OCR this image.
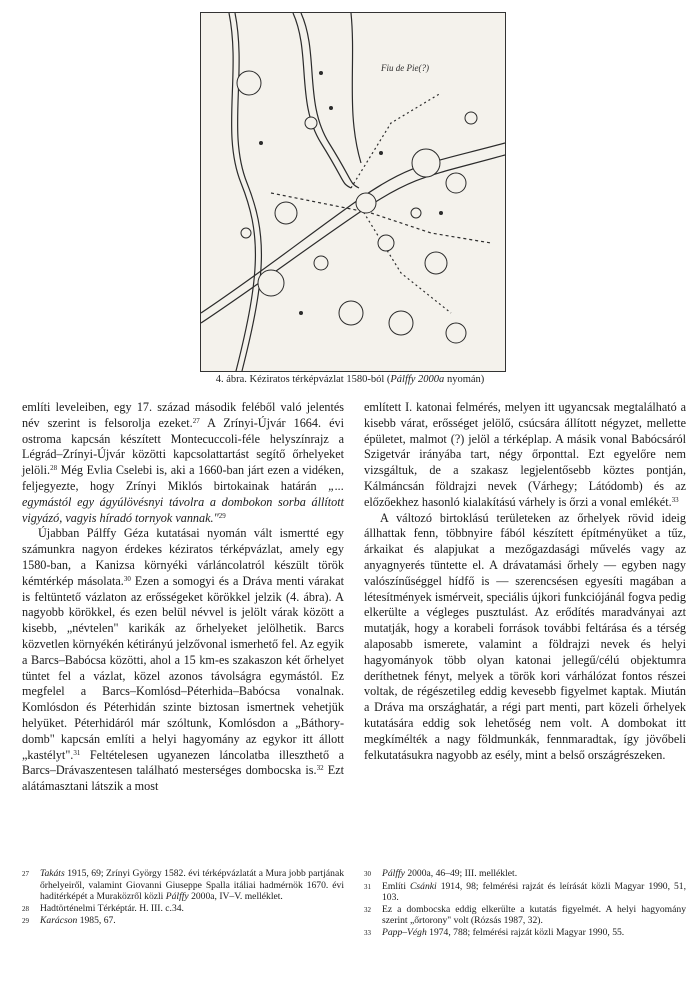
Fiu de Pie(?)
4. ábra. Kéziratos térképvázlat 1580-ból (Pálffy 2000a nyomán)

említi leveleiben, egy 17. század második feléből való jelentés név szerint is felsorolja ezeket.$^{27}$ A Zrínyi-Újvár 1664. évi ostroma kapcsán készített Montecuccoli-féle helyszínrajz a Légrád–Zrínyi-Újvár közötti kapcsolattartást segítő őrhelyeket jelöli.$^{28}$ Még Evlia Cselebi is, aki a 1660-ban járt ezen a vidéken, feljegyezte, hogy Zrínyi Miklós birtokainak határán „... egymástól egy ágyúlövésnyi távolra a dombokon sorba állított vigyázó, vagyis híradó tornyok vannak."$^{29}$

Újabban Pálffy Géza kutatásai nyomán vált ismertté egy számunkra nagyon érdekes kéziratos térképvázlat, amely egy 1580-ban, a Kanizsa környéki várláncolatról készült török kémtérkép másolata.$^{30}$ Ezen a somogyi és a Dráva menti várakat is feltüntető vázlaton az erősségeket körökkel jelzik (4. ábra). A nagyobb körökkel, és ezen belül névvel is jelölt várak között a kisebb, „névtelen" karikák az őrhelyeket jelölhetik. Barcs közvetlen környékén kétirányú jelzővonal ismerhető fel. Az egyik a Barcs–Babócsa közötti, ahol a 15 km-es szakaszon két őrhelyet tüntet fel a vázlat, közel azonos távolságra egymástól. Ez megfelel a Barcs–Komlósd–Péterhida–Babócsa vonalnak. Komlósdon és Péterhidán szinte biztosan ismertnek vehetjük helyüket. Péterhidáról már szóltunk, Komlósdon a „Báthory-domb" kapcsán említi a helyi hagyomány az egykor itt állott „kastélyt".$^{31}$ Feltételesen ugyanezen láncolatba illeszthető a Barcs–Drávaszentesen található mesterséges dombocska is.$^{32}$ Ezt alátámasztani látszik a most

említett I. katonai felmérés, melyen itt ugyancsak megtalálható a kisebb várat, erősséget jelölő, csúcsára állított négyzet, mellette épületet, malmot (?) jelöl a térképlap. A másik vonal Babócsáról Szigetvár irányába tart, négy őrponttal. Ezt egyelőre nem vizsgáltuk, de a szakasz legjelentősebb köztes pontján, Kálmáncsán földrajzi nevek (Várhegy; Látódomb) és az előzőekhez hasonló kialakítású várhely is őrzi a vonal emlékét.$^{33}$

A változó birtoklású területeken az őrhelyek rövid ideig állhattak fenn, többnyire fából készített építményüket a tűz, árkaikat és alapjukat a mezőgazdasági művelés vagy az anyagnyerés tüntette el. A drávatamási őrhely — egyben nagy valószínűséggel hídfő is — szerencsésen egyesíti magában a létesítmények ismérveit, speciális újkori funkciójánál fogva pedig elkerülte a végleges pusztulást. Az erődítés maradványai azt mutatják, hogy a korabeli források további feltárása és a térség alaposabb ismerete, valamint a földrajzi nevek és helyi hagyományok több olyan katonai jellegű/célú objektumra deríthetnek fényt, melyek a török kori várhálózat fontos részei voltak, de régészetileg eddig kevesebb figyelmet kaptak. Miután a Dráva ma országhatár, a régi part menti, part közeli őrhelyek kutatására eddig sok lehetőség nem volt. A dombokat itt megkímélték a nagy földmunkák, fennmaradtak, így jövőbeli felkutatásukra nagyobb az esély, mint a belső országrészeken.

27	Takáts 1915, 69; Zrínyi György 1582. évi térképvázlatát a Mura jobb partjának őrhelyeiről, valamint Giovanni Giuseppe Spalla itáliai hadmérnök 1670. évi haditérképét a Muraközről közli Pálffy 2000a, IV–V. melléklet.
28	Hadtörténelmi Térképtár. H. III. c.34.
29	Karácson 1985, 67.
30	Pálffy 2000a, 46–49; III. melléklet.
31	Említi Csánki 1914, 98; felmérési rajzát és leírását közli Magyar 1990, 51, 103.
32	Ez a dombocska eddig elkerülte a kutatás figyelmét. A helyi hagyomány szerint „őrtorony" volt (Rózsás 1987, 32).
33	Papp–Végh 1974, 788; felmérési rajzát közli Magyar 1990, 55.
